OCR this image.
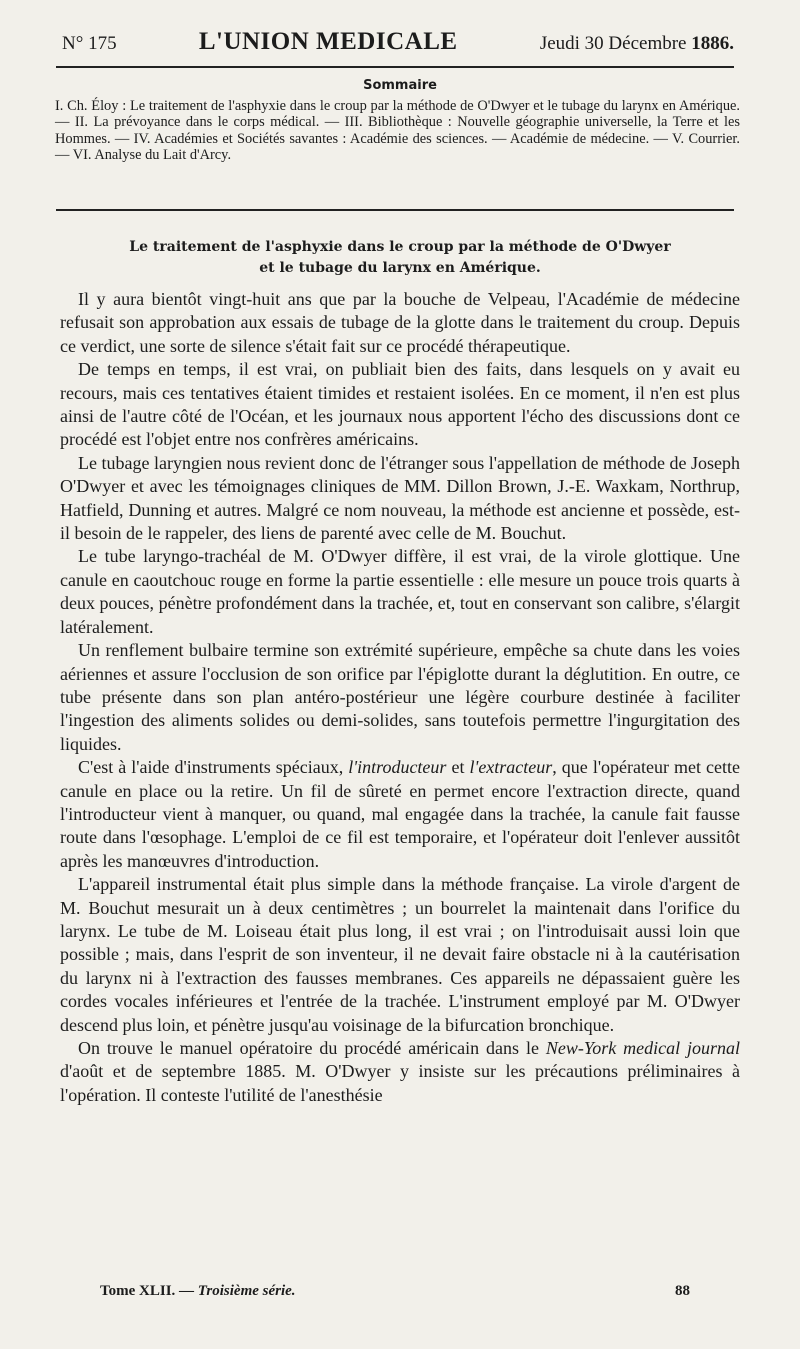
N° 175	L'UNION MEDICALE	Jeudi 30 Décembre 1886.
Sommaire

I. Ch. Éloy : Le traitement de l'asphyxie dans le croup par la méthode de O'Dwyer et le tubage du larynx en Amérique. — II. La prévoyance dans le corps médical. — III. Bibliothèque : Nouvelle géographie universelle, la Terre et les Hommes. — IV. Académies et Sociétés savantes : Académie des sciences. — Académie de médecine. — V. Courrier. — VI. Analyse du Lait d'Arcy.

Le traitement de l'asphyxie dans le croup par la méthode de O'Dwyer
et le tubage du larynx en Amérique.

Il y aura bientôt vingt-huit ans que par la bouche de Velpeau, l'Académie de médecine refusait son approbation aux essais de tubage de la glotte dans le traitement du croup. Depuis ce verdict, une sorte de silence s'était fait sur ce procédé thérapeutique.

De temps en temps, il est vrai, on publiait bien des faits, dans lesquels on y avait eu recours, mais ces tentatives étaient timides et restaient isolées. En ce moment, il n'en est plus ainsi de l'autre côté de l'Océan, et les journaux nous apportent l'écho des discussions dont ce procédé est l'objet entre nos confrères américains.

Le tubage laryngien nous revient donc de l'étranger sous l'appellation de méthode de Joseph O'Dwyer et avec les témoignages cliniques de MM. Dillon Brown, J.-E. Waxkam, Northrup, Hatfield, Dunning et autres. Malgré ce nom nouveau, la méthode est ancienne et possède, est-il besoin de le rappeler, des liens de parenté avec celle de M. Bouchut.

Le tube laryngo-trachéal de M. O'Dwyer diffère, il est vrai, de la virole glottique. Une canule en caoutchouc rouge en forme la partie essentielle : elle mesure un pouce trois quarts à deux pouces, pénètre profondément dans la trachée, et, tout en conservant son calibre, s'élargit latéralement.

Un renflement bulbaire termine son extrémité supérieure, empêche sa chute dans les voies aériennes et assure l'occlusion de son orifice par l'épiglotte durant la déglutition. En outre, ce tube présente dans son plan antéro-postérieur une légère courbure destinée à faciliter l'ingestion des aliments solides ou demi-solides, sans toutefois permettre l'ingurgitation des liquides.

C'est à l'aide d'instruments spéciaux, l'introducteur et l'extracteur, que l'opérateur met cette canule en place ou la retire. Un fil de sûreté en permet encore l'extraction directe, quand l'introducteur vient à manquer, ou quand, mal engagée dans la trachée, la canule fait fausse route dans l'œsophage. L'emploi de ce fil est temporaire, et l'opérateur doit l'enlever aussitôt après les manœuvres d'introduction.

L'appareil instrumental était plus simple dans la méthode française. La virole d'argent de M. Bouchut mesurait un à deux centimètres ; un bourrelet la maintenait dans l'orifice du larynx. Le tube de M. Loiseau était plus long, il est vrai ; on l'introduisait aussi loin que possible ; mais, dans l'esprit de son inventeur, il ne devait faire obstacle ni à la cautérisation du larynx ni à l'extraction des fausses membranes. Ces appareils ne dépassaient guère les cordes vocales inférieures et l'entrée de la trachée. L'instrument employé par M. O'Dwyer descend plus loin, et pénètre jusqu'au voisinage de la bifurcation bronchique.

On trouve le manuel opératoire du procédé américain dans le New-York medical journal d'août et de septembre 1885. M. O'Dwyer y insiste sur les précautions préliminaires à l'opération. Il conteste l'utilité de l'anesthésie

Tome XLII. — Troisième série.	88
